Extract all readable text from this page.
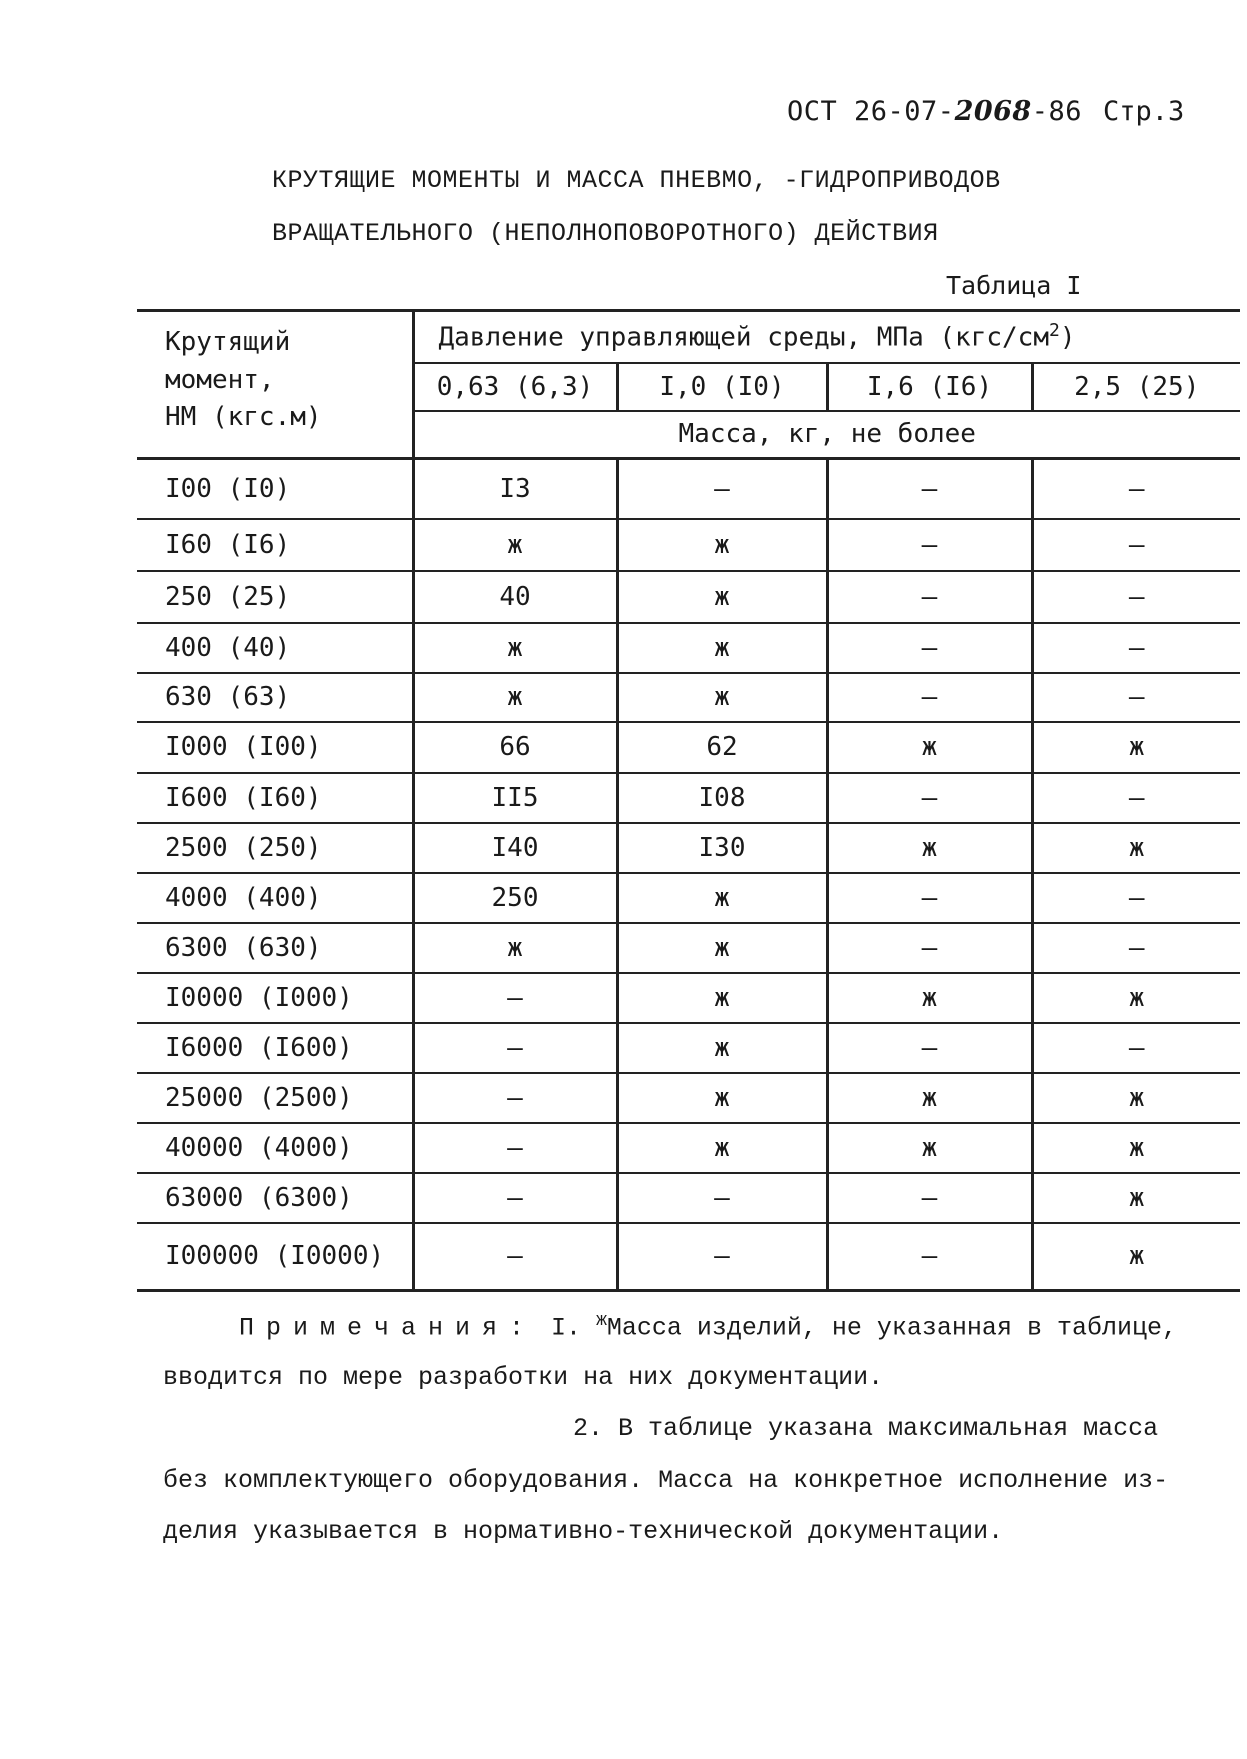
ОСТ 26-07-2068-86 Стр.3
КРУТЯЩИЕ МОМЕНТЫ И МАССА ПНЕВМО, -ГИДРОПРИВОДОВ
ВРАЩАТЕЛЬНОГО (НЕПОЛНОПОВОРОТНОГО) ДЕЙСТВИЯ
Таблица I
Крутящий
момент,
НМ (кгс.м)	Давление управляющей среды, МПа $(кгс/см^2)$			
	0,63 (6,3)	I,0 (I0)	I,6 (I6)	2,5 (25)
	Масса, кг, не более			
I00 (I0)	I3	–	–	–
I60 (I6)	ж	ж	–	–
250 (25)	40	ж	–	–
400 (40)	ж	ж	–	–
630 (63)	ж	ж	–	–
I000 (I00)	66	62	ж	ж
I600 (I60)	II5	I08	–	–
2500 (250)	I40	I30	ж	ж
4000 (400)	250	ж	–	–
6300 (630)	ж	ж	–	–
I0000 (I000)	–	ж	ж	ж
I6000 (I600)	–	ж	–	–
25000 (2500)	–	ж	ж	ж
40000 (4000)	–	ж	ж	ж
63000 (6300)	–	–	–	ж
I00000 (I0000)	–	–	–	ж
Примечания: I. $^ж$Масса изделий, не указанная в таблице,
вводится по мере разработки на них документации.
2. В таблице указана максимальная масса
без комплектующего оборудования. Масса на конкретное исполнение из-
делия указывается в нормативно-технической документации.
